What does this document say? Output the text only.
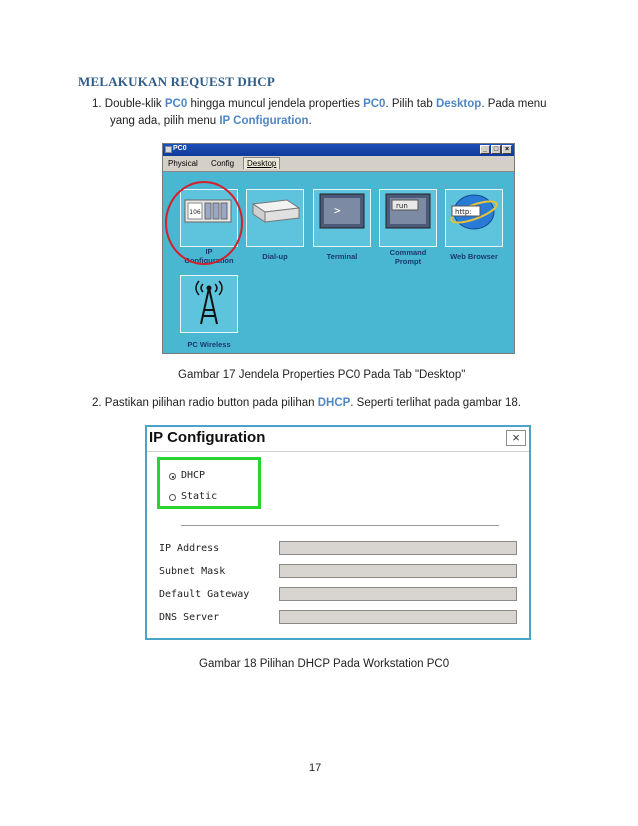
MELAKUKAN REQUEST DHCP
1. Double-klik PC0 hingga muncul jendela properties PC0. Pilih tab Desktop. Pada menu
yang ada, pilih menu IP Configuration.
PC0	_ □ ×
Physical Config	Desktop
106
IP
Configuration	Dial-up
>
Terminal
run
Command
Prompt
http:
Web Browser
PC Wireless
Gambar 17 Jendela Properties PC0 Pada Tab "Desktop"
2. Pastikan pilihan radio button pada pilihan DHCP. Seperti terlihat pada gambar 18.
IP Configuration	×
DHCP
Static
IP Address
Subnet Mask
Default Gateway
DNS Server
Gambar 18 Pilihan DHCP Pada Workstation PC0
17
